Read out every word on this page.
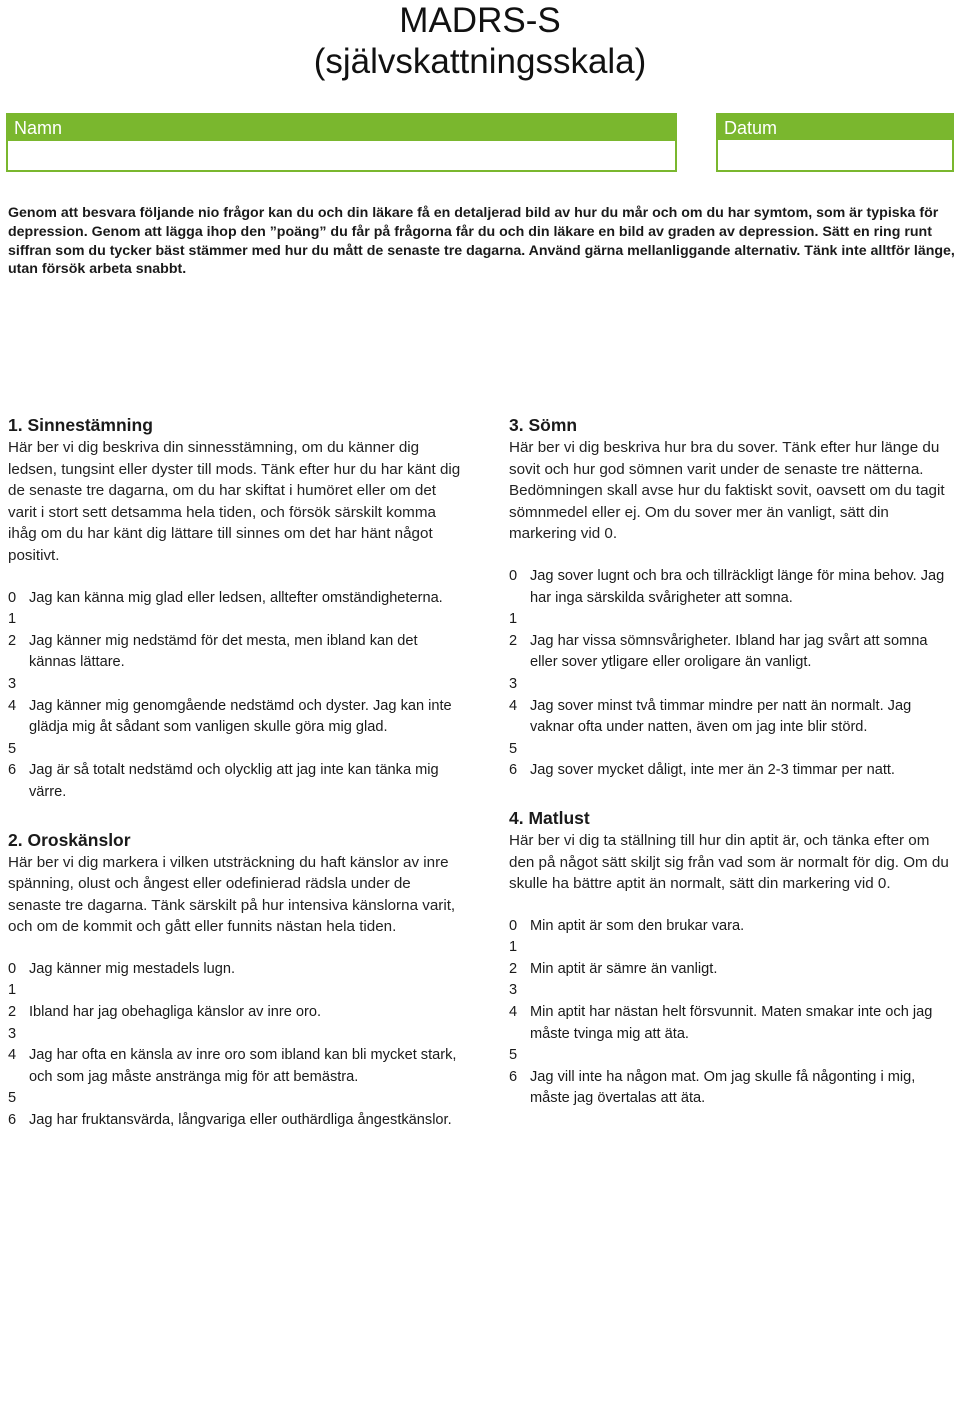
MADRS-S
(självskattningsskala)
Namn	Datum
Genom att besvara följande nio frågor kan du och din läkare få en detaljerad bild av hur du mår och om du har symtom, som är typiska för depression. Genom att lägga ihop den ”poäng” du får på frågorna får du och din läkare en bild av graden av depression. Sätt en ring runt siffran som du tycker bäst stämmer med hur du mått de senaste tre dagarna. Använd gärna mellanliggande alternativ. Tänk inte alltför länge, utan försök arbeta snabbt.
1. Sinnestämning
Här ber vi dig beskriva din sinnesstämning, om du känner dig ledsen, tungsint eller dyster till mods. Tänk efter hur du har känt dig de senaste tre dagarna, om du har skiftat i humöret eller om det varit i stort sett detsamma hela tiden, och försök särskilt komma ihåg om du har känt dig lättare till sinnes om det har hänt något positivt.
0 Jag kan känna mig glad eller ledsen, alltefter omständigheterna.
1
2 Jag känner mig nedstämd för det mesta, men ibland kan det kännas lättare.
3
4 Jag känner mig genomgående nedstämd och dyster. Jag kan inte glädja mig åt sådant som vanligen skulle göra mig glad.
5
6 Jag är så totalt nedstämd och olycklig att jag inte kan tänka mig värre.
2. Oroskänslor
Här ber vi dig markera i vilken utsträckning du haft känslor av inre spänning, olust och ångest eller odefinierad rädsla under de senaste tre dagarna. Tänk särskilt på hur intensiva känslorna varit, och om de kommit och gått eller funnits nästan hela tiden.
0 Jag känner mig mestadels lugn.
1
2 Ibland har jag obehagliga känslor av inre oro.
3
4 Jag har ofta en känsla av inre oro som ibland kan bli mycket stark, och som jag måste anstränga mig för att bemästra.
5
6 Jag har fruktansvärda, långvariga eller outhärdliga ångestkänslor.
3. Sömn
Här ber vi dig beskriva hur bra du sover. Tänk efter hur länge du sovit och hur god sömnen varit under de senaste tre nätterna. Bedömningen skall avse hur du faktiskt sovit, oavsett om du tagit sömnmedel eller ej. Om du sover mer än vanligt, sätt din markering vid 0.
0 Jag sover lugnt och bra och tillräckligt länge för mina behov. Jag har inga särskilda svårigheter att somna.
1
2 Jag har vissa sömnsvårigheter. Ibland har jag svårt att somna eller sover ytligare eller oroligare än vanligt.
3
4 Jag sover minst två timmar mindre per natt än normalt. Jag vaknar ofta under natten, även om jag inte blir störd.
5
6 Jag sover mycket dåligt, inte mer än 2-3 timmar per natt.
4. Matlust
Här ber vi dig ta ställning till hur din aptit är, och tänka efter om den på något sätt skiljt sig från vad som är normalt för dig. Om du skulle ha bättre aptit än normalt, sätt din markering vid 0.
0 Min aptit är som den brukar vara.
1
2 Min aptit är sämre än vanligt.
3
4 Min aptit har nästan helt försvunnit. Maten smakar inte och jag måste tvinga mig att äta.
5
6 Jag vill inte ha någon mat. Om jag skulle få någonting i mig, måste jag övertalas att äta.
